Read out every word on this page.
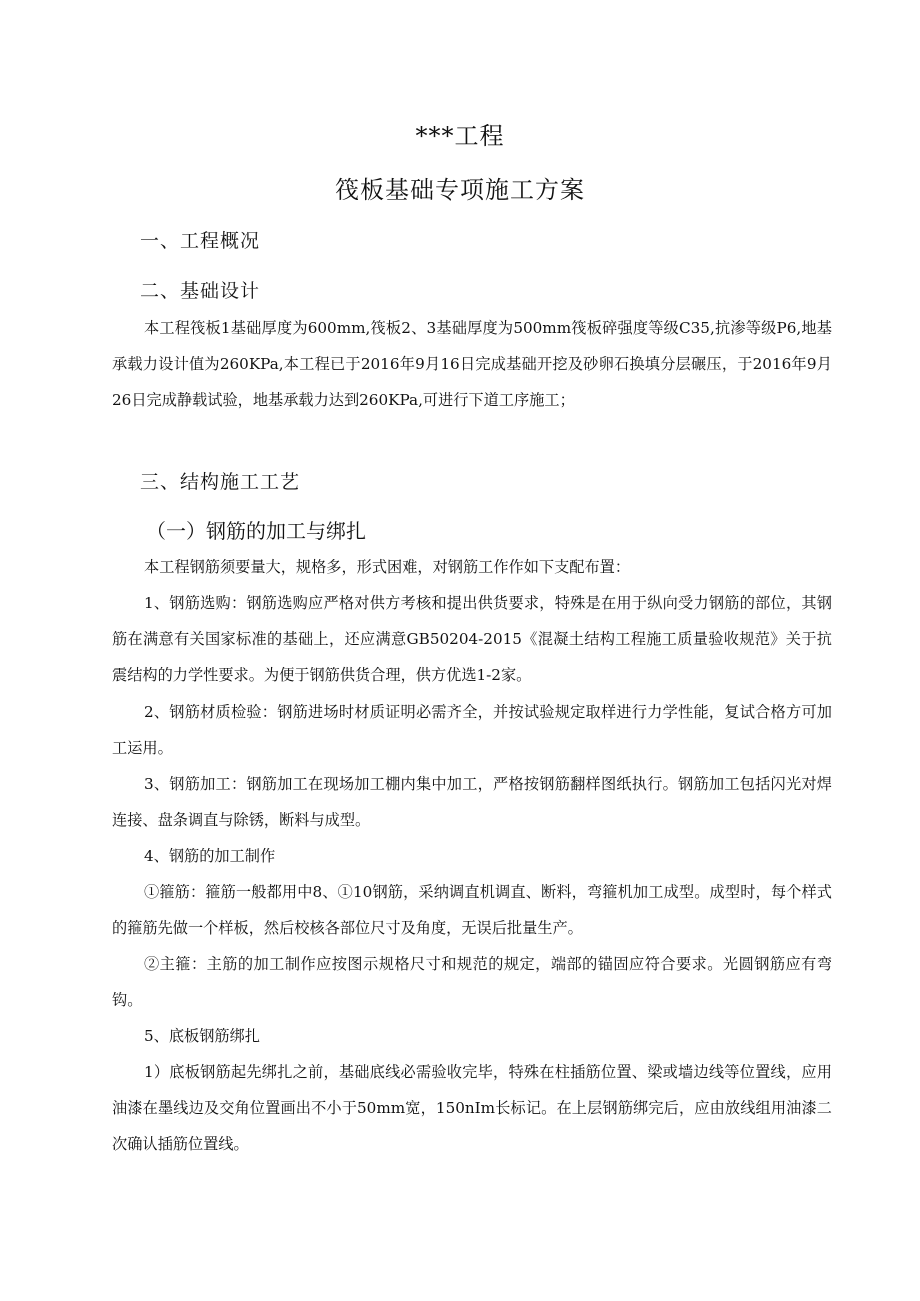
***工程
筏板基础专项施工方案
一、工程概况
二、基础设计
本工程筏板1基础厚度为600mm,筏板2、3基础厚度为500mm筏板碎强度等级C35,抗渗等级P6,地基承载力设计值为260KPa,本工程已于2016年9月16日完成基础开挖及砂卵石换填分层碾压，于2016年9月26日完成静载试验，地基承载力达到260KPa,可进行下道工序施工；
三、结构施工工艺
（一）钢筋的加工与绑扎
本工程钢筋须要量大，规格多，形式困难，对钢筋工作作如下支配布置：
1、钢筋选购：钢筋选购应严格对供方考核和提出供货要求，特殊是在用于纵向受力钢筋的部位，其钢筋在满意有关国家标准的基础上，还应满意GB50204-2015《混凝土结构工程施工质量验收规范》关于抗震结构的力学性要求。为便于钢筋供货合理，供方优选1-2家。
2、钢筋材质检验：钢筋进场时材质证明必需齐全，并按试验规定取样进行力学性能，复试合格方可加工运用。
3、钢筋加工：钢筋加工在现场加工棚内集中加工，严格按钢筋翻样图纸执行。钢筋加工包括闪光对焊连接、盘条调直与除锈，断料与成型。
4、钢筋的加工制作
①箍筋：箍筋一般都用中8、①10钢筋，采纳调直机调直、断料，弯箍机加工成型。成型时，每个样式的箍筋先做一个样板，然后校核各部位尺寸及角度，无误后批量生产。
②主箍：主筋的加工制作应按图示规格尺寸和规范的规定，端部的锚固应符合要求。光圆钢筋应有弯钩。
5、底板钢筋绑扎
1）底板钢筋起先绑扎之前，基础底线必需验收完毕，特殊在柱插筋位置、梁或墙边线等位置线，应用油漆在墨线边及交角位置画出不小于50mm宽，150nIm长标记。在上层钢筋绑完后，应由放线组用油漆二次确认插筋位置线。
